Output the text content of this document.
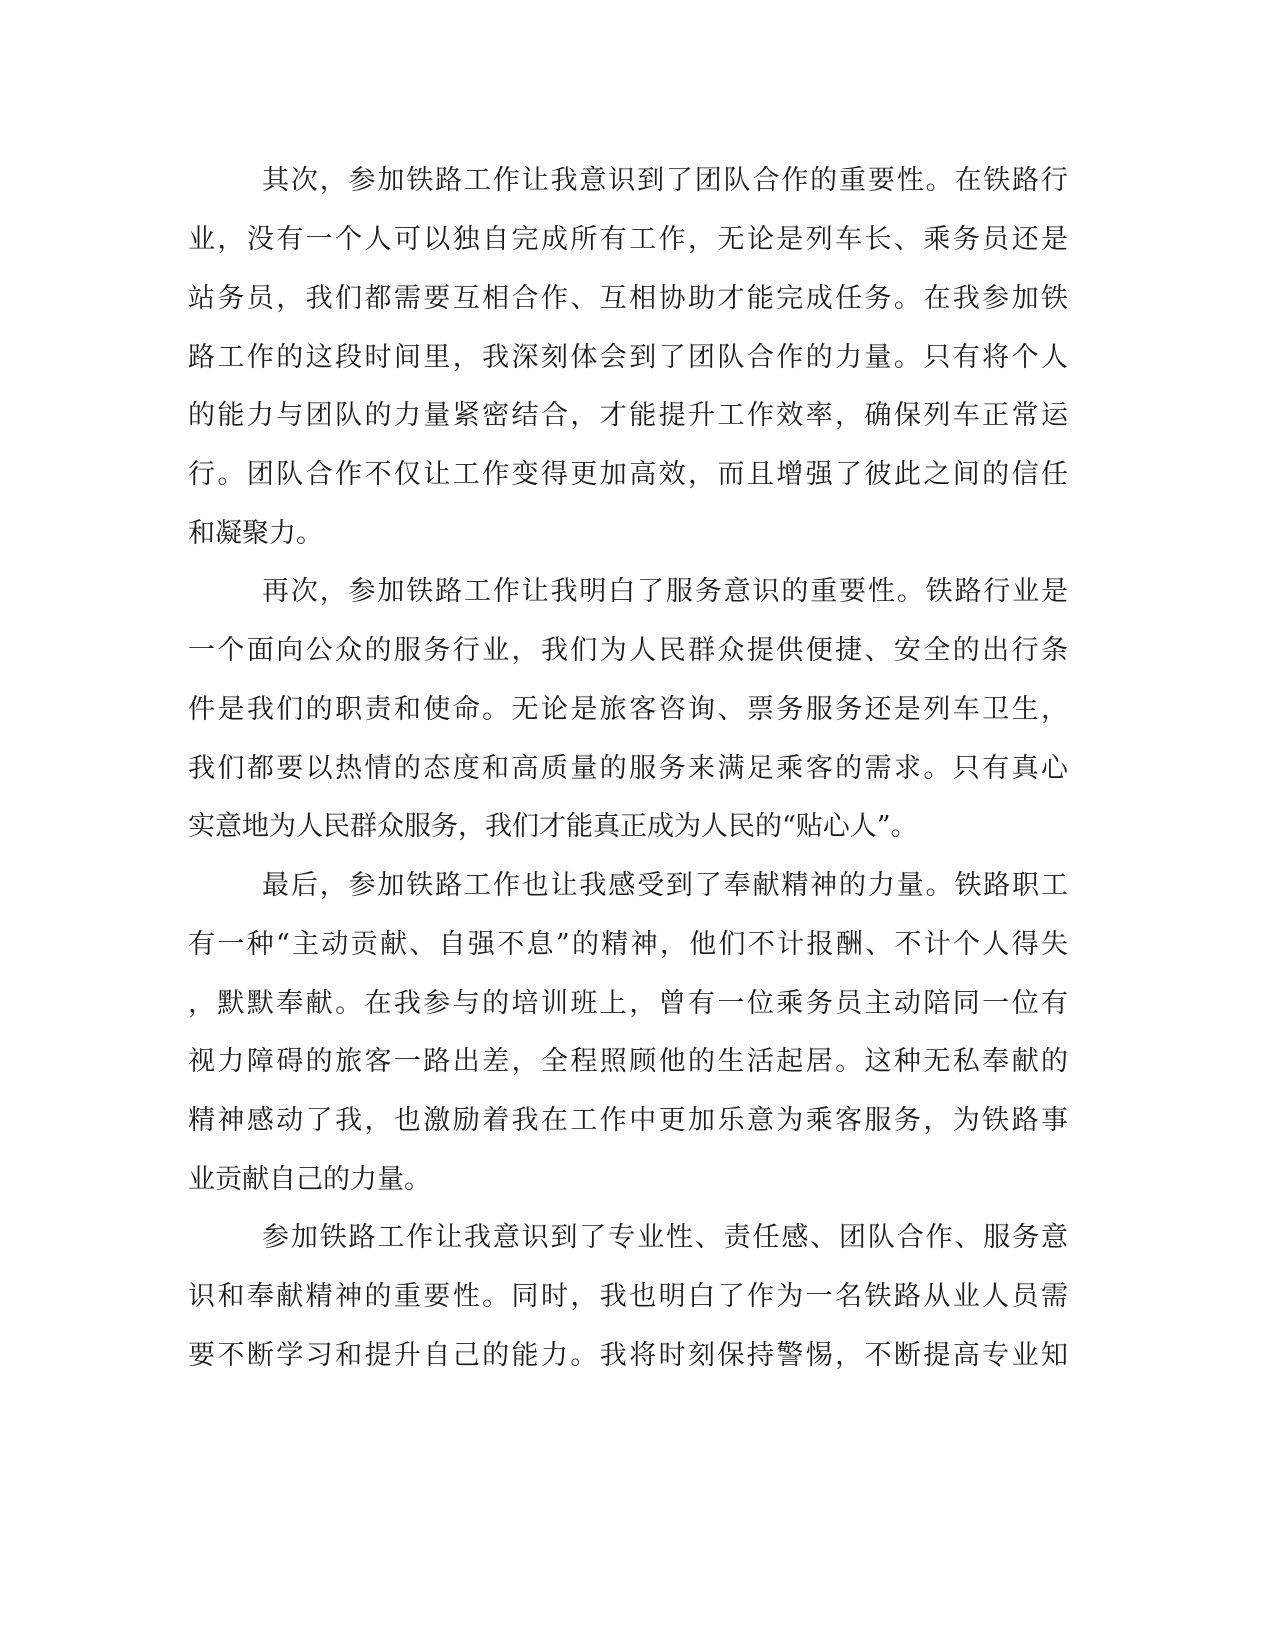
其次，参加铁路工作让我意识到了团队合作的重要性。在铁路行
业，没有一个人可以独自完成所有工作，无论是列车长、乘务员还是
站务员，我们都需要互相合作、互相协助才能完成任务。在我参加铁
路工作的这段时间里，我深刻体会到了团队合作的力量。只有将个人
的能力与团队的力量紧密结合，才能提升工作效率，确保列车正常运
行。团队合作不仅让工作变得更加高效，而且增强了彼此之间的信任
和凝聚力。
再次，参加铁路工作让我明白了服务意识的重要性。铁路行业是
一个面向公众的服务行业，我们为人民群众提供便捷、安全的出行条
件是我们的职责和使命。无论是旅客咨询、票务服务还是列车卫生，
我们都要以热情的态度和高质量的服务来满足乘客的需求。只有真心
实意地为人民群众服务，我们才能真正成为人民的“贴心人”。
最后，参加铁路工作也让我感受到了奉献精神的力量。铁路职工
有一种“主动贡献、自强不息”的精神，他们不计报酬、不计个人得失
，默默奉献。在我参与的培训班上，曾有一位乘务员主动陪同一位有
视力障碍的旅客一路出差，全程照顾他的生活起居。这种无私奉献的
精神感动了我，也激励着我在工作中更加乐意为乘客服务，为铁路事
业贡献自己的力量。
参加铁路工作让我意识到了专业性、责任感、团队合作、服务意
识和奉献精神的重要性。同时，我也明白了作为一名铁路从业人员需
要不断学习和提升自己的能力。我将时刻保持警惕，不断提高专业知
